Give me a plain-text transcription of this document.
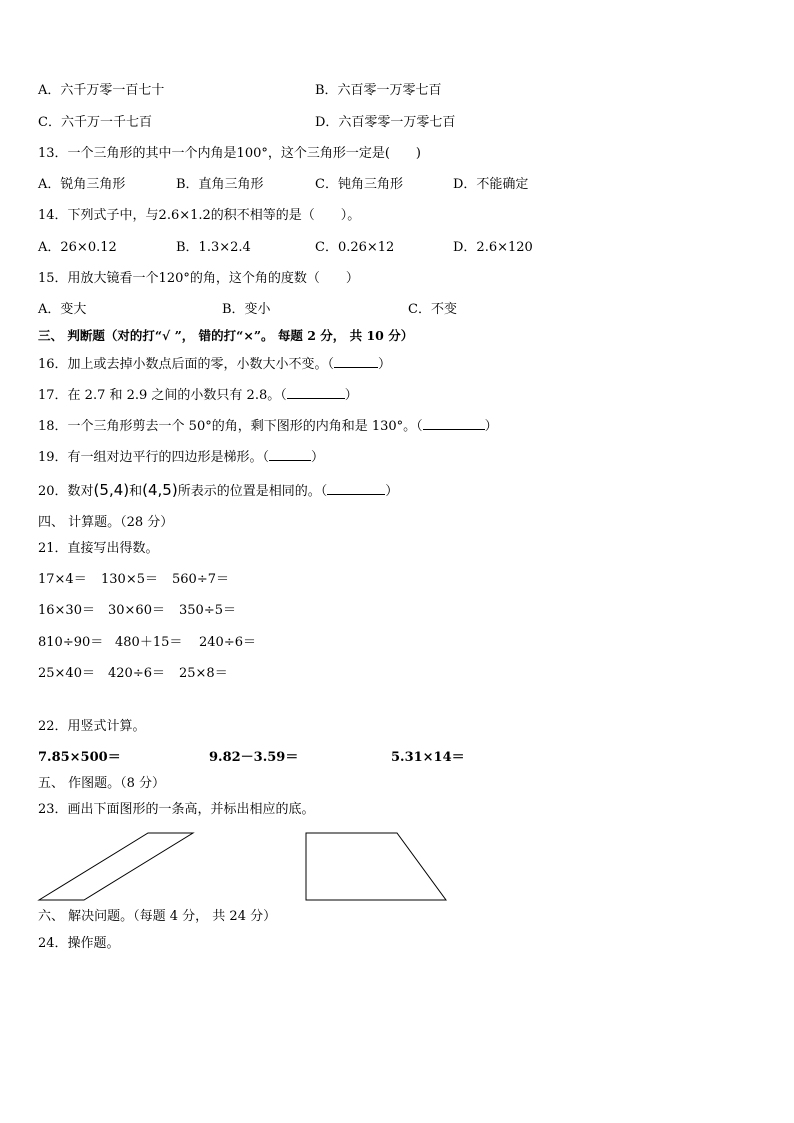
A．六千万零一百七十	B．六百零一万零七百
C．六千万一千七百	D．六百零零一万零七百
13．一个三角形的其中一个内角是100°，这个三角形一定是(　　)
A．锐角三角形	B．直角三角形	C．钝角三角形	D．不能确定
14．下列式子中，与2.6×1.2的积不相等的是（　　）。
A．26×0.12	B．1.3×2.4	C．0.26×12	D．2.6×120
15．用放大镜看一个120°的角，这个角的度数（　　）
A．变大	B．变小	C．不变
三、 判断题（对的打“√ ”， 错的打“×”。 每题 2 分， 共 10 分）
16．加上或去掉小数点后面的零，小数大小不变。（	）
17．在 2.7 和 2.9 之间的小数只有 2.8。（	）
18．一个三角形剪去一个 50°的角，剩下图形的内角和是 130°。（	）
19．有一组对边平行的四边形是梯形。（	）
20．数对(5,4)和(4,5)所表示的位置是相同的。（	）
四、 计算题。（28 分）
21．直接写出得数。
17×4＝ 130×5＝ 560÷7＝
16×30＝ 30×60＝ 350÷5＝
810÷90＝ 480＋15＝ 240÷6＝
25×40＝ 420÷6＝ 25×8＝
22．用竖式计算。
7.85×500＝	9.82－3.59＝	5.31×14＝
五、 作图题。（8 分）
23．画出下面图形的一条高，并标出相应的底。
六、 解决问题。（每题 4 分， 共 24 分）
24．操作题。
